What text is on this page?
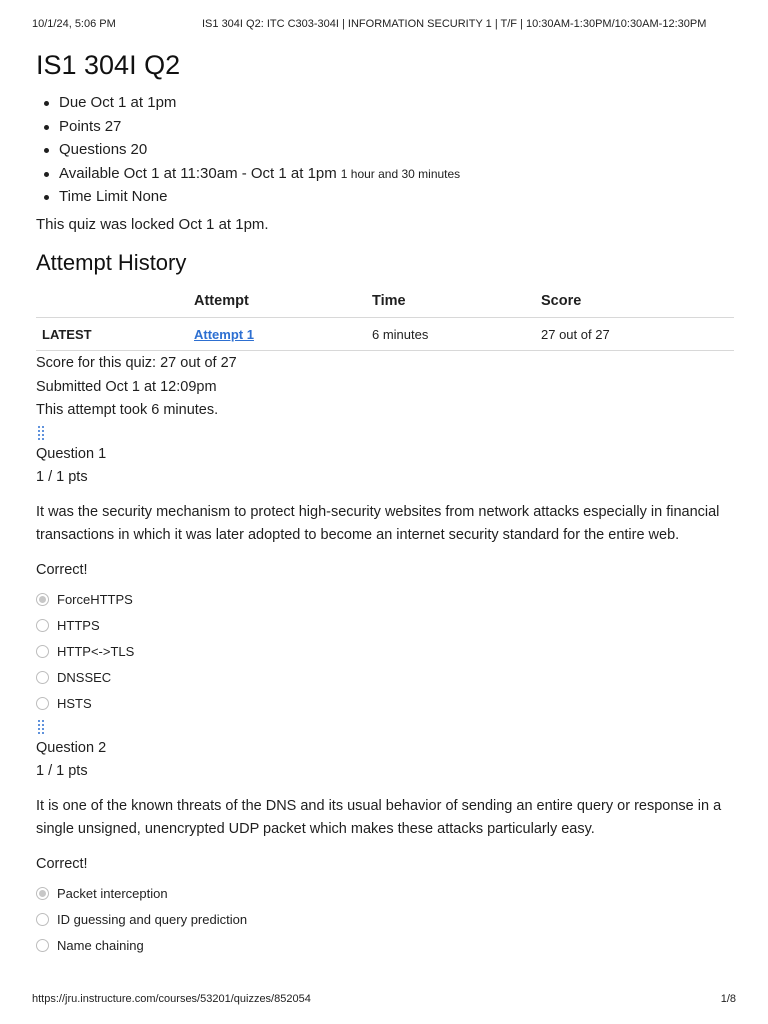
10/1/24, 5:06 PM	IS1 304I Q2: ITC C303-304I | INFORMATION SECURITY 1 | T/F | 10:30AM-1:30PM/10:30AM-12:30PM
IS1 304I Q2
Due Oct 1 at 1pm
Points 27
Questions 20
Available Oct 1 at 11:30am - Oct 1 at 1pm 1 hour and 30 minutes
Time Limit None

This quiz was locked Oct 1 at 1pm.

Attempt History
	Attempt	Time	Score
LATEST	Attempt 1	6 minutes	27 out of 27

Score for this quiz: 27 out of 27

Submitted Oct 1 at 12:09pm

This attempt took 6 minutes.

Question 1

1 / 1 pts

It was the security mechanism to protect high-security websites from network attacks especially in financial transactions in which it was later adopted to become an internet security standard for the entire web.

Correct!

ForceHTTPS
HTTPS
HTTP<->TLS
DNSSEC
HSTS

Question 2

1 / 1 pts

It is one of the known threats of the DNS and its usual behavior of sending an entire query or response in a single unsigned, unencrypted UDP packet which makes these attacks particularly easy.

Correct!

Packet interception
ID guessing and query prediction
Name chaining
https://jru.instructure.com/courses/53201/quizzes/852054	1/8
